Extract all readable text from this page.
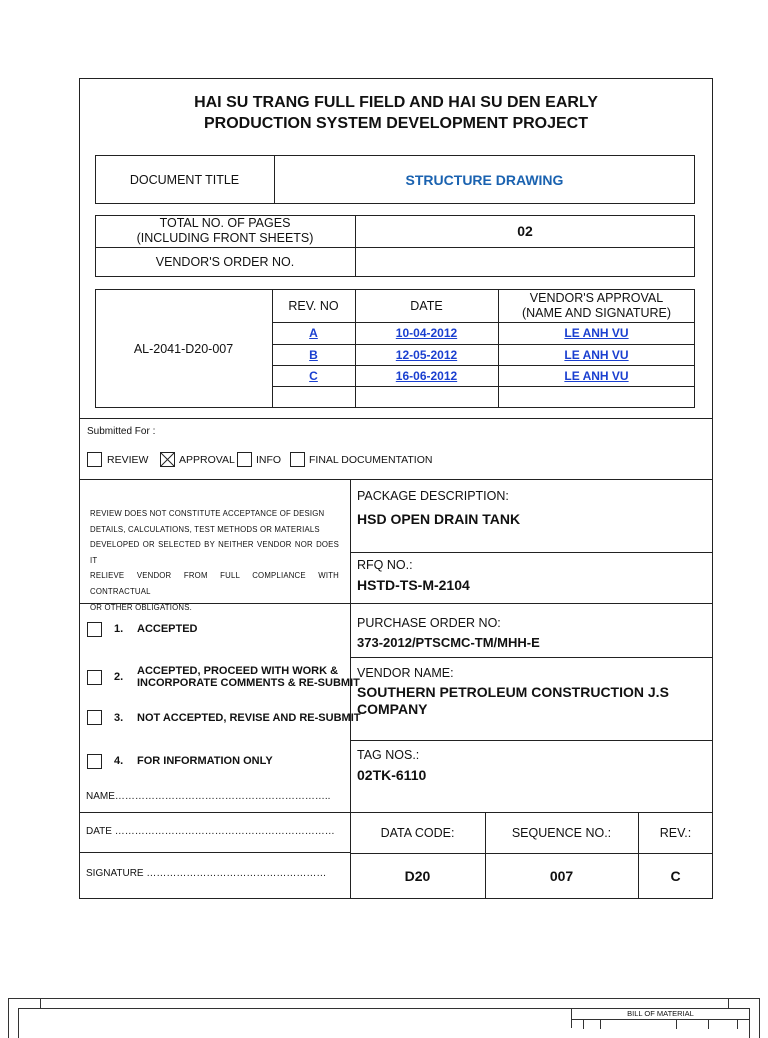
HAI SU TRANG FULL FIELD AND HAI SU DEN EARLY
PRODUCTION SYSTEM DEVELOPMENT PROJECT
DOCUMENT TITLE	STRUCTURE DRAWING
TOTAL NO. OF PAGES
(INCLUDING FRONT SHEETS)	02
VENDOR'S ORDER NO.
AL-2041-D20-007
REV. NO	DATE
VENDOR'S APPROVAL
(NAME AND SIGNATURE)
A	10-04-2012	LE ANH VU
B	12-05-2012	LE ANH VU
C	16-06-2012	LE ANH VU
Submitted For :
REVIEW	APPROVAL INFO	FINAL DOCUMENTATION
REVIEW DOES NOT CONSTITUTE ACCEPTANCE OF DESIGN
DETAILS, CALCULATIONS, TEST METHODS OR MATERIALS
DEVELOPED OR SELECTED BY NEITHER VENDOR NOR DOES IT
RELIEVE VENDOR FROM FULL COMPLIANCE WITH CONTRACTUAL
OR OTHER OBLIGATIONS.
1. ACCEPTED
2. ACCEPTED, PROCEED WITH WORK &
INCORPORATE COMMENTS & RE-SUBMIT
3. NOT ACCEPTED, REVISE AND RE-SUBMIT
4. FOR INFORMATION ONLY
NAME………………………………………………………..
DATE …………………………………………………………
SIGNATURE ………………………………………………
PACKAGE DESCRIPTION:
HSD OPEN DRAIN TANK
RFQ NO.:
HSTD-TS-M-2104
PURCHASE ORDER NO:
373-2012/PTSCMC-TM/MHH-E
VENDOR NAME:
SOUTHERN PETROLEUM CONSTRUCTION J.S
COMPANY
TAG NOS.:
02TK-6110
DATA CODE:	SEQUENCE NO.:	REV.:
D20	007	C
BILL OF MATERIAL
